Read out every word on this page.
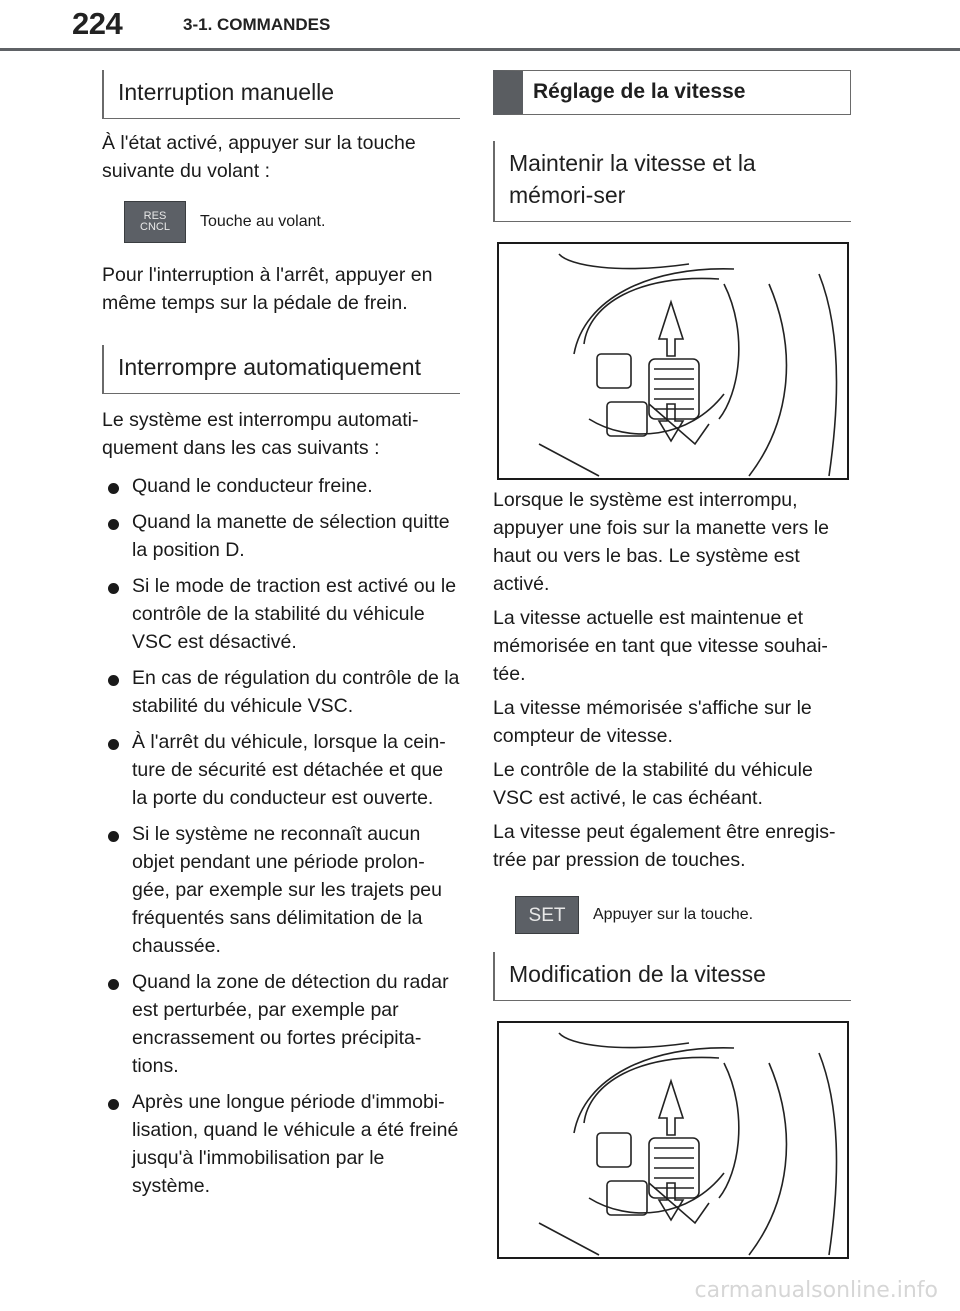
224	3-1. COMMANDES
Interruption manuelle

À l'état activé, appuyer sur la touche suivante du volant :

RES
CNCL Touche au volant.

Pour l'interruption à l'arrêt, appuyer en même temps sur la pédale de frein.

Interrompre automatiquement

Le système est interrompu automati-quement dans les cas suivants :

Quand le conducteur freine.
Quand la manette de sélection quitte la position D.
Si le mode de traction est activé ou le contrôle de la stabilité du véhicule VSC est désactivé.
En cas de régulation du contrôle de la stabilité du véhicule VSC.
À l'arrêt du véhicule, lorsque la cein-ture de sécurité est détachée et que la porte du conducteur est ouverte.
Si le système ne reconnaît aucun objet pendant une période prolon-gée, par exemple sur les trajets peu fréquentés sans délimitation de la chaussée.
Quand la zone de détection du radar est perturbée, par exemple par encrassement ou fortes précipita-tions.
Après une longue période d'immobi-lisation, quand le véhicule a été freiné jusqu'à l'immobilisation par le système.
Réglage de la vitesse
Maintenir la vitesse et la mémori-ser

Lorsque le système est interrompu, appuyer une fois sur la manette vers le haut ou vers le bas. Le système est activé.

La vitesse actuelle est maintenue et mémorisée en tant que vitesse souhai-tée.

La vitesse mémorisée s'affiche sur le compteur de vitesse.

Le contrôle de la stabilité du véhicule VSC est activé, le cas échéant.

La vitesse peut également être enregis-trée par pression de touches.

SET	Appuyer sur la touche.
Modification de la vitesse
carmanualsonline.info
